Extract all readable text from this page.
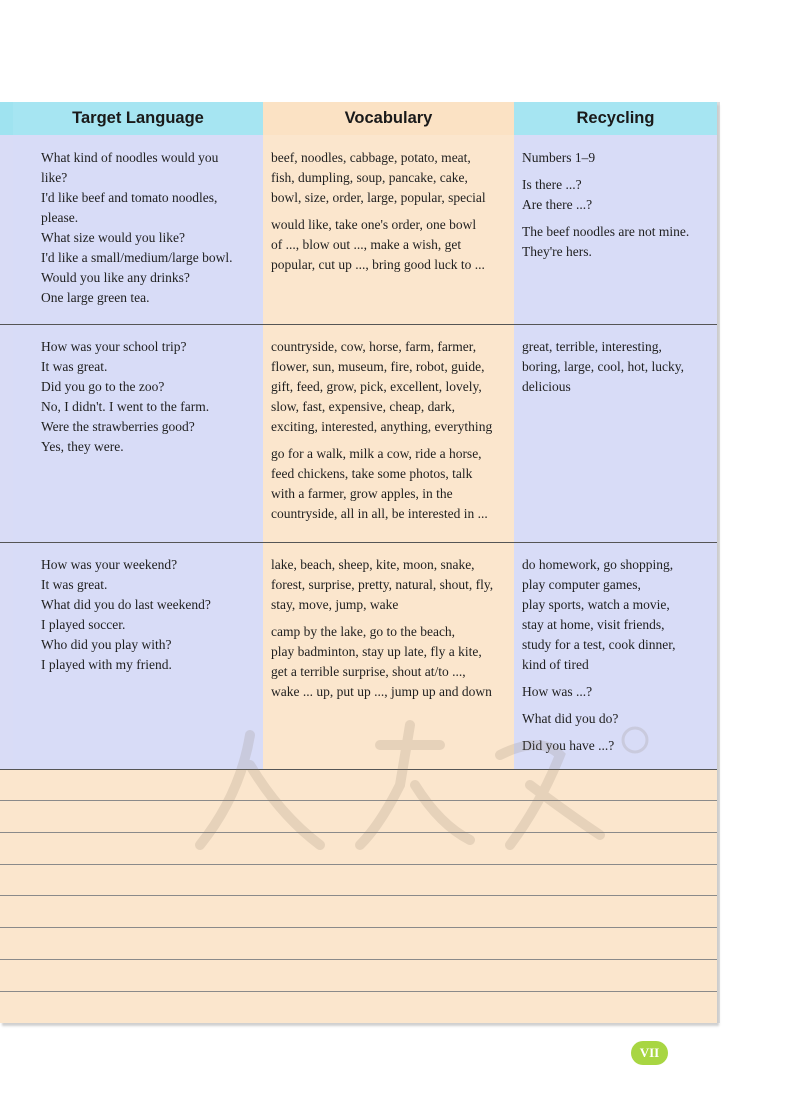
Target Language	Vocabulary	Recycling
What kind of noodles would you
like?
I'd like beef and tomato noodles,
please.
What size would you like?
I'd like a small/medium/large bowl.
Would you like any drinks?
One large green tea.
beef, noodles, cabbage, potato, meat,
fish, dumpling, soup, pancake, cake,
bowl, size, order, large, popular, special
would like, take one's order, one bowl
of ..., blow out ..., make a wish, get
popular, cut up ..., bring good luck to ...
Numbers 1–9
Is there ...?
Are there ...?
The beef noodles are not mine.
They're hers.
How was your school trip?
It was great.
Did you go to the zoo?
No, I didn't. I went to the farm.
Were the strawberries good?
Yes, they were.
countryside, cow, horse, farm, farmer,
flower, sun, museum, fire, robot, guide,
gift, feed, grow, pick, excellent, lovely,
slow, fast, expensive, cheap, dark,
exciting, interested, anything, everything
go for a walk, milk a cow, ride a horse,
feed chickens, take some photos, talk
with a farmer, grow apples, in the
countryside, all in all, be interested in ...
great, terrible, interesting,
boring, large, cool, hot, lucky,
delicious
How was your weekend?
It was great.
What did you do last weekend?
I played soccer.
Who did you play with?
I played with my friend.
lake, beach, sheep, kite, moon, snake,
forest, surprise, pretty, natural, shout, fly,
stay, move, jump, wake
camp by the lake, go to the beach,
play badminton, stay up late, fly a kite,
get a terrible surprise, shout at/to ...,
wake ... up, put up ..., jump up and down
do homework, go shopping,
play computer games,
play sports, watch a movie,
stay at home, visit friends,
study for a test, cook dinner,
kind of tired
How was ...?
What did you do?
Did you have ...?
VII
